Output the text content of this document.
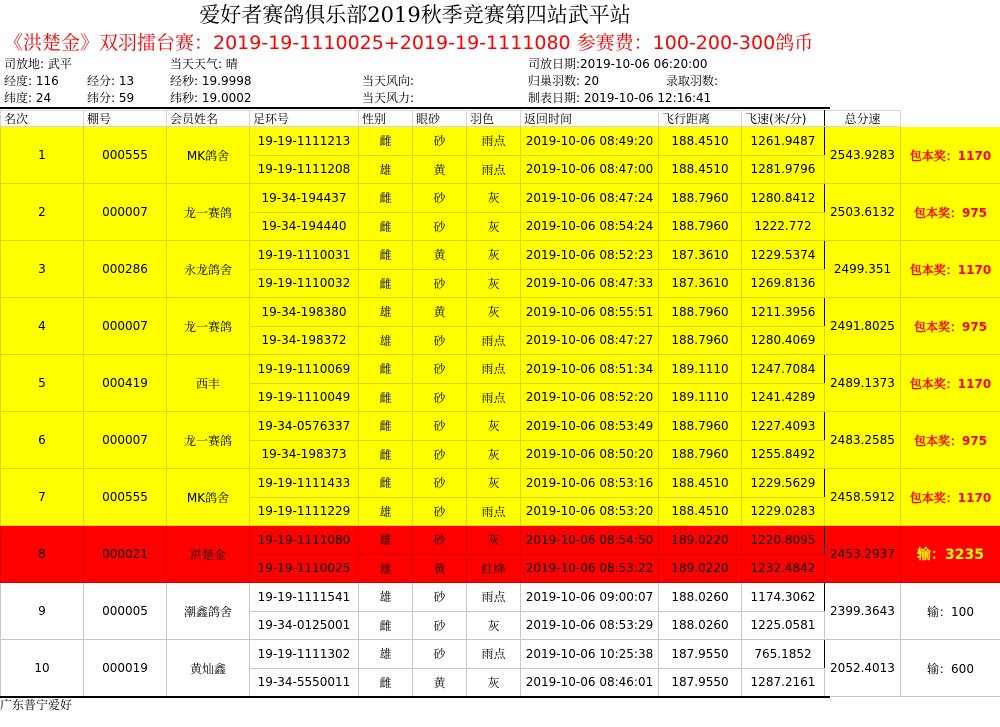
爱好者赛鸽俱乐部2019秋季竞赛第四站武平站
《洪楚金》双羽擂台赛：2019-19-1110025+2019-19-1111080 参赛费：100-200-300鸽币
司放地: 武平	当天天气: 晴	司放日期:2019-10-06 06:20:00
经度: 116 经分: 13	经秒: 19.9998	当天风向:	归巢羽数: 20	录取羽数:
纬度: 24	纬分: 59	纬秒: 19.0002	当天风力:	制表日期: 2019-10-06 12:16:41
名次	棚号	会员姓名	足环号	性别	眼砂	羽色	返回时间	飞行距离	飞速(米/分)	总分速	
1	000555	MK鸽舍	19-19-1111213	雌	砂	雨点	2019-10-06 08:49:20	188.4510	1261.9487	2543.9283	包本奖：1170
			19-19-1111208	雄	黄	雨点	2019-10-06 08:47:00	188.4510	1281.9796		
2	000007	龙一赛鸽	19-34-194437	雌	砂	灰	2019-10-06 08:47:24	188.7960	1280.8412	2503.6132	包本奖：975
			19-34-194440	雌	砂	灰	2019-10-06 08:54:24	188.7960	1222.772		
3	000286	永龙鸽舍	19-19-1110031	雌	黄	灰	2019-10-06 08:52:23	187.3610	1229.5374	2499.351	包本奖：1170
			19-19-1110032	雌	砂	灰	2019-10-06 08:47:33	187.3610	1269.8136		
4	000007	龙一赛鸽	19-34-198380	雄	黄	灰	2019-10-06 08:55:51	188.7960	1211.3956	2491.8025	包本奖：975
			19-34-198372	雄	砂	雨点	2019-10-06 08:47:27	188.7960	1280.4069		
5	000419	西丰	19-19-1110069	雌	砂	雨点	2019-10-06 08:51:34	189.1110	1247.7084	2489.1373	包本奖：1170
			19-19-1110049	雌	砂	雨点	2019-10-06 08:52:20	189.1110	1241.4289		
6	000007	龙一赛鸽	19-34-0576337	雌	砂	灰	2019-10-06 08:53:49	188.7960	1227.4093	2483.2585	包本奖：975
			19-34-198373	雌	砂	灰	2019-10-06 08:50:20	188.7960	1255.8492		
7	000555	MK鸽舍	19-19-1111433	雌	砂	灰	2019-10-06 08:53:16	188.4510	1229.5629	2458.5912	包本奖：1170
			19-19-1111229	雄	砂	雨点	2019-10-06 08:53:20	188.4510	1229.0283		
8	000021	洪楚金	19-19-1111080	雄	砂	灰	2019-10-06 08:54:50	189.0220	1220.8095	2453.2937	输：3235
			19-19-1110025	雄	黄	红绛	2019-10-06 08:53:22	189.0220	1232.4842		
9	000005	潮鑫鸽舍	19-19-1111541	雄	砂	雨点	2019-10-06 09:00:07	188.0260	1174.3062	2399.3643	输：100
			19-34-0125001	雌	砂	灰	2019-10-06 08:53:29	188.0260	1225.0581		
10	000019	黄灿鑫	19-19-1111302	雄	砂	雨点	2019-10-06 10:25:38	187.9550	765.1852	2052.4013	输：600
			19-34-5550011	雌	黄	灰	2019-10-06 08:46:01	187.9550	1287.2161		
广东普宁爱好
